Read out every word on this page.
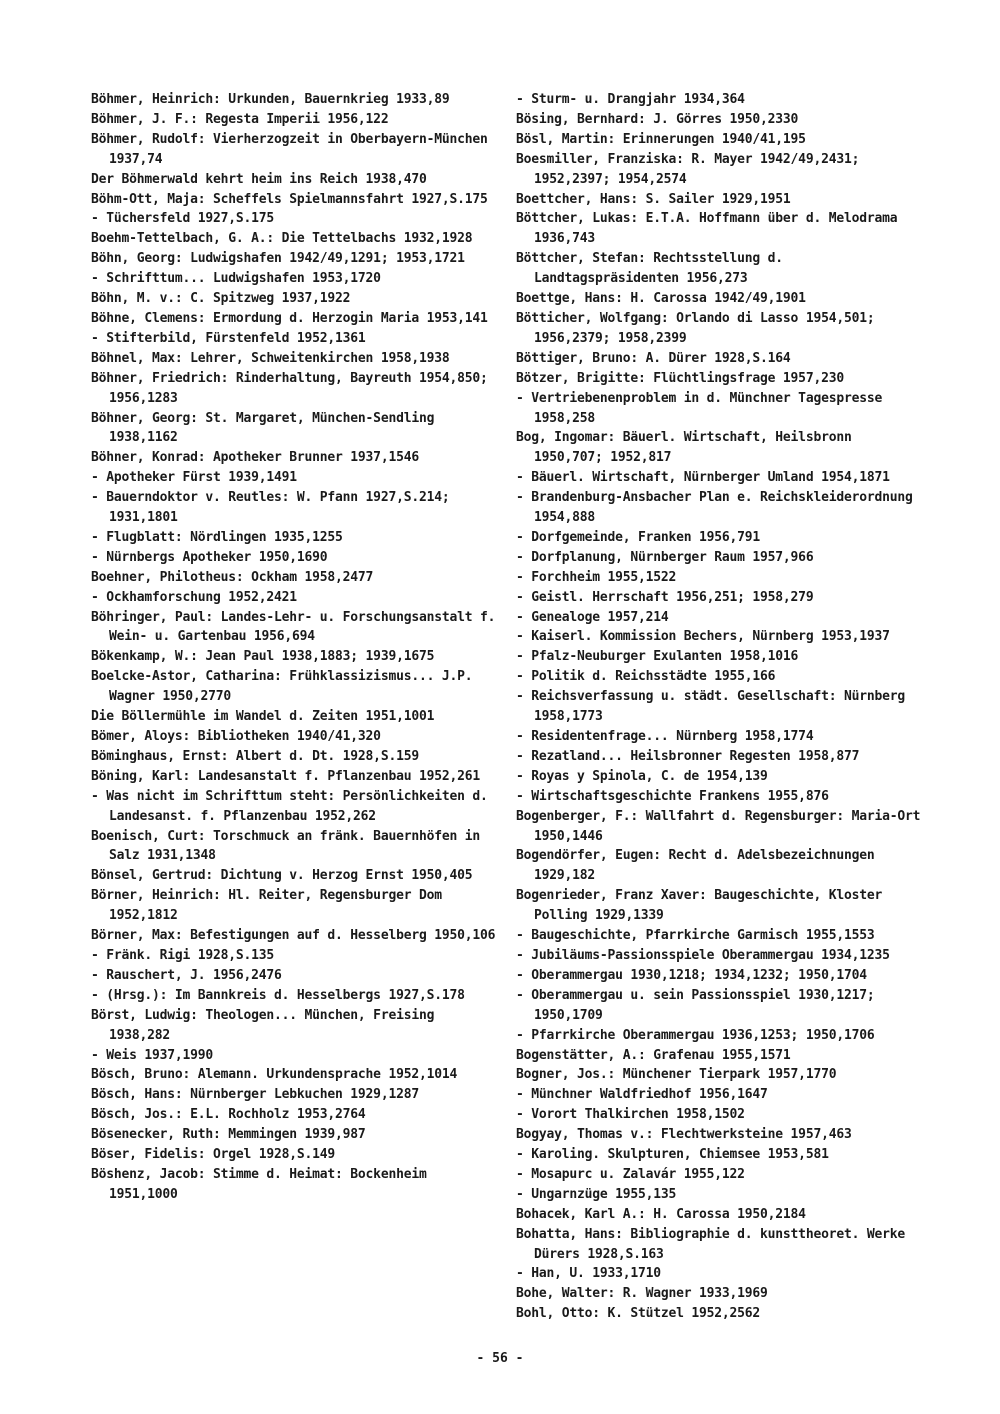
Böhmer, Heinrich: Urkunden, Bauernkrieg 1933,89
Böhmer, J. F.: Regesta Imperii 1956,122
Böhmer, Rudolf: Vierherzogzeit in Oberbayern-München 1937,74
Der Böhmerwald kehrt heim ins Reich 1938,470
Böhm-Ott, Maja: Scheffels Spielmannsfahrt 1927,S.175
- Tüchersfeld 1927,S.175
Boehm-Tettelbach, G. A.: Die Tettelbachs 1932,1928
Böhn, Georg: Ludwigshafen 1942/49,1291; 1953,1721
- Schrifttum... Ludwigshafen 1953,1720
Böhn, M. v.: C. Spitzweg 1937,1922
Böhne, Clemens: Ermordung d. Herzogin Maria 1953,141
- Stifterbild, Fürstenfeld 1952,1361
Böhnel, Max: Lehrer, Schweitenkirchen 1958,1938
Böhner, Friedrich: Rinderhaltung, Bayreuth 1954,850; 1956,1283
Böhner, Georg: St. Margaret, München-Sendling 1938,1162
Böhner, Konrad: Apotheker Brunner 1937,1546
- Apotheker Fürst 1939,1491
- Bauerndoktor v. Reutles: W. Pfann 1927,S.214; 1931,1801
- Flugblatt: Nördlingen 1935,1255
- Nürnbergs Apotheker 1950,1690
Boehner, Philotheus: Ockham 1958,2477
- Ockhamforschung 1952,2421
Böhringer, Paul: Landes-Lehr- u. Forschungsanstalt f. Wein- u. Gartenbau 1956,694
Bökenkamp, W.: Jean Paul 1938,1883; 1939,1675
Boelcke-Astor, Catharina: Frühklassizismus... J.P. Wagner 1950,2770
Die Böllermühle im Wandel d. Zeiten 1951,1001
Bömer, Aloys: Bibliotheken 1940/41,320
Böminghaus, Ernst: Albert d. Dt. 1928,S.159
Böning, Karl: Landesanstalt f. Pflanzenbau 1952,261
- Was nicht im Schrifttum steht: Persönlichkeiten d. Landesanst. f. Pflanzenbau 1952,262
Boenisch, Curt: Torschmuck an fränk. Bauernhöfen in Salz 1931,1348
Bönsel, Gertrud: Dichtung v. Herzog Ernst 1950,405
Börner, Heinrich: Hl. Reiter, Regensburger Dom 1952,1812
Börner, Max: Befestigungen auf d. Hesselberg 1950,106
- Fränk. Rigi 1928,S.135
- Rauschert, J. 1956,2476
- (Hrsg.): Im Bannkreis d. Hesselbergs 1927,S.178
Börst, Ludwig: Theologen... München, Freising 1938,282
- Weis 1937,1990
Bösch, Bruno: Alemann. Urkundensprache 1952,1014
Bösch, Hans: Nürnberger Lebkuchen 1929,1287
Bösch, Jos.: E.L. Rochholz 1953,2764
Bösenecker, Ruth: Memmingen 1939,987
Böser, Fidelis: Orgel 1928,S.149
Böshenz, Jacob: Stimme d. Heimat: Bockenheim 1951,1000
- Sturm- u. Drangjahr 1934,364
Bösing, Bernhard: J. Görres 1950,2330
Bösl, Martin: Erinnerungen 1940/41,195
Boesmiller, Franziska: R. Mayer 1942/49,2431; 1952,2397; 1954,2574
Boettcher, Hans: S. Sailer 1929,1951
Böttcher, Lukas: E.T.A. Hoffmann über d. Melodrama 1936,743
Böttcher, Stefan: Rechtsstellung d. Landtagspräsidenten 1956,273
Boettge, Hans: H. Carossa 1942/49,1901
Bötticher, Wolfgang: Orlando di Lasso 1954,501; 1956,2379; 1958,2399
Böttiger, Bruno: A. Dürer 1928,S.164
Bötzer, Brigitte: Flüchtlingsfrage 1957,230
- Vertriebenenproblem in d. Münchner Tagespresse 1958,258
Bog, Ingomar: Bäuerl. Wirtschaft, Heilsbronn 1950,707; 1952,817
- Bäuerl. Wirtschaft, Nürnberger Umland 1954,1871
- Brandenburg-Ansbacher Plan e. Reichskleiderordnung 1954,888
- Dorfgemeinde, Franken 1956,791
- Dorfplanung, Nürnberger Raum 1957,966
- Forchheim 1955,1522
- Geistl. Herrschaft 1956,251; 1958,279
- Genealoge 1957,214
- Kaiserl. Kommission Bechers, Nürnberg 1953,1937
- Pfalz-Neuburger Exulanten 1958,1016
- Politik d. Reichsstädte 1955,166
- Reichsverfassung u. städt. Gesellschaft: Nürnberg 1958,1773
- Residentenfrage... Nürnberg 1958,1774
- Rezatland... Heilsbronner Regesten 1958,877
- Royas y Spinola, C. de 1954,139
- Wirtschaftsgeschichte Frankens 1955,876
Bogenberger, F.: Wallfahrt d. Regensburger: Maria-Ort 1950,1446
Bogendörfer, Eugen: Recht d. Adelsbezeichnungen 1929,182
Bogenrieder, Franz Xaver: Baugeschichte, Kloster Polling 1929,1339
- Baugeschichte, Pfarrkirche Garmisch 1955,1553
- Jubiläums-Passionsspiele Oberammergau 1934,1235
- Oberammergau 1930,1218; 1934,1232; 1950,1704
- Oberammergau u. sein Passionsspiel 1930,1217; 1950,1709
- Pfarrkirche Oberammergau 1936,1253; 1950,1706
Bogenstätter, A.: Grafenau 1955,1571
Bogner, Jos.: Münchener Tierpark 1957,1770
- Münchner Waldfriedhof 1956,1647
- Vorort Thalkirchen 1958,1502
Bogyay, Thomas v.: Flechtwerksteine 1957,463
- Karoling. Skulpturen, Chiemsee 1953,581
- Mosapurc u. Zalavár 1955,122
- Ungarnzüge 1955,135
Bohacek, Karl A.: H. Carossa 1950,2184
Bohatta, Hans: Bibliographie d. kunsttheoret. Werke Dürers 1928,S.163
- Han, U. 1933,1710
Bohe, Walter: R. Wagner 1933,1969
Bohl, Otto: K. Stützel 1952,2562
- 56 -
